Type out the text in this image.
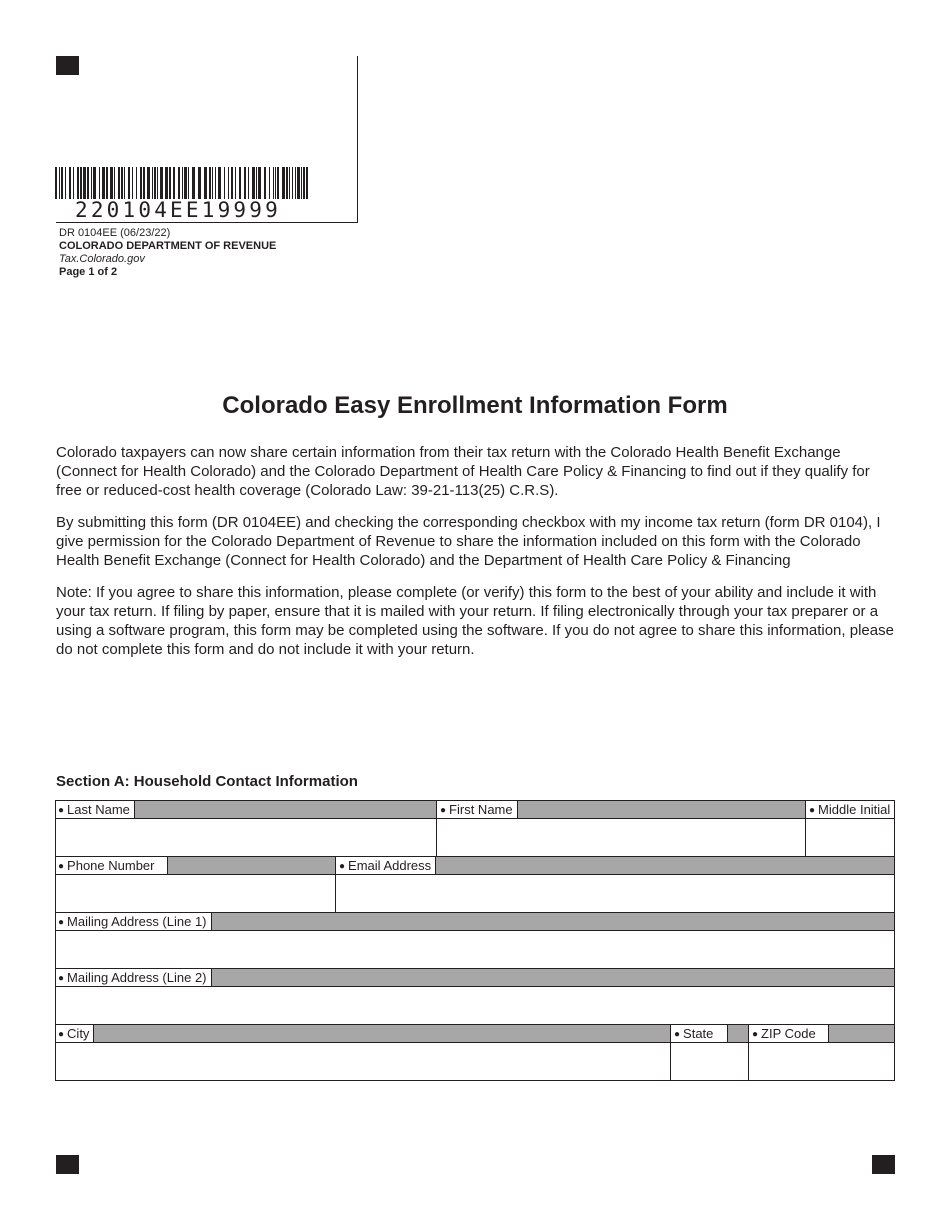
220104EE19999
DR 0104EE (06/23/22)
COLORADO DEPARTMENT OF REVENUE
Tax.Colorado.gov
Page 1 of 2
Colorado Easy Enrollment Information Form

Colorado taxpayers can now share certain information from their tax return with the Colorado Health Benefit Exchange (Connect for Health Colorado) and the Colorado Department of Health Care Policy & Financing to find out if they qualify for free or reduced-cost health coverage (Colorado Law: 39-21-113(25) C.R.S).

By submitting this form (DR 0104EE) and checking the corresponding checkbox with my income tax return (form DR 0104), I give permission for the Colorado Department of Revenue to share the information included on this form with the Colorado Health Benefit Exchange (Connect for Health Colorado) and the Department of Health Care Policy & Financing

Note: If you agree to share this information, please complete (or verify) this form to the best of your ability and include it with your tax return. If filing by paper, ensure that it is mailed with your return. If filing electronically through your tax preparer or a using a software program, this form may be completed using the software. If you do not agree to share this information, please do not complete this form and do not include it with your return.

Section A: Household Contact Information
● Last Name	● First Name	● Middle Initial
● Phone Number	● Email Address
● Mailing Address (Line 1)
● Mailing Address (Line 2)
● City	● State	● ZIP Code
